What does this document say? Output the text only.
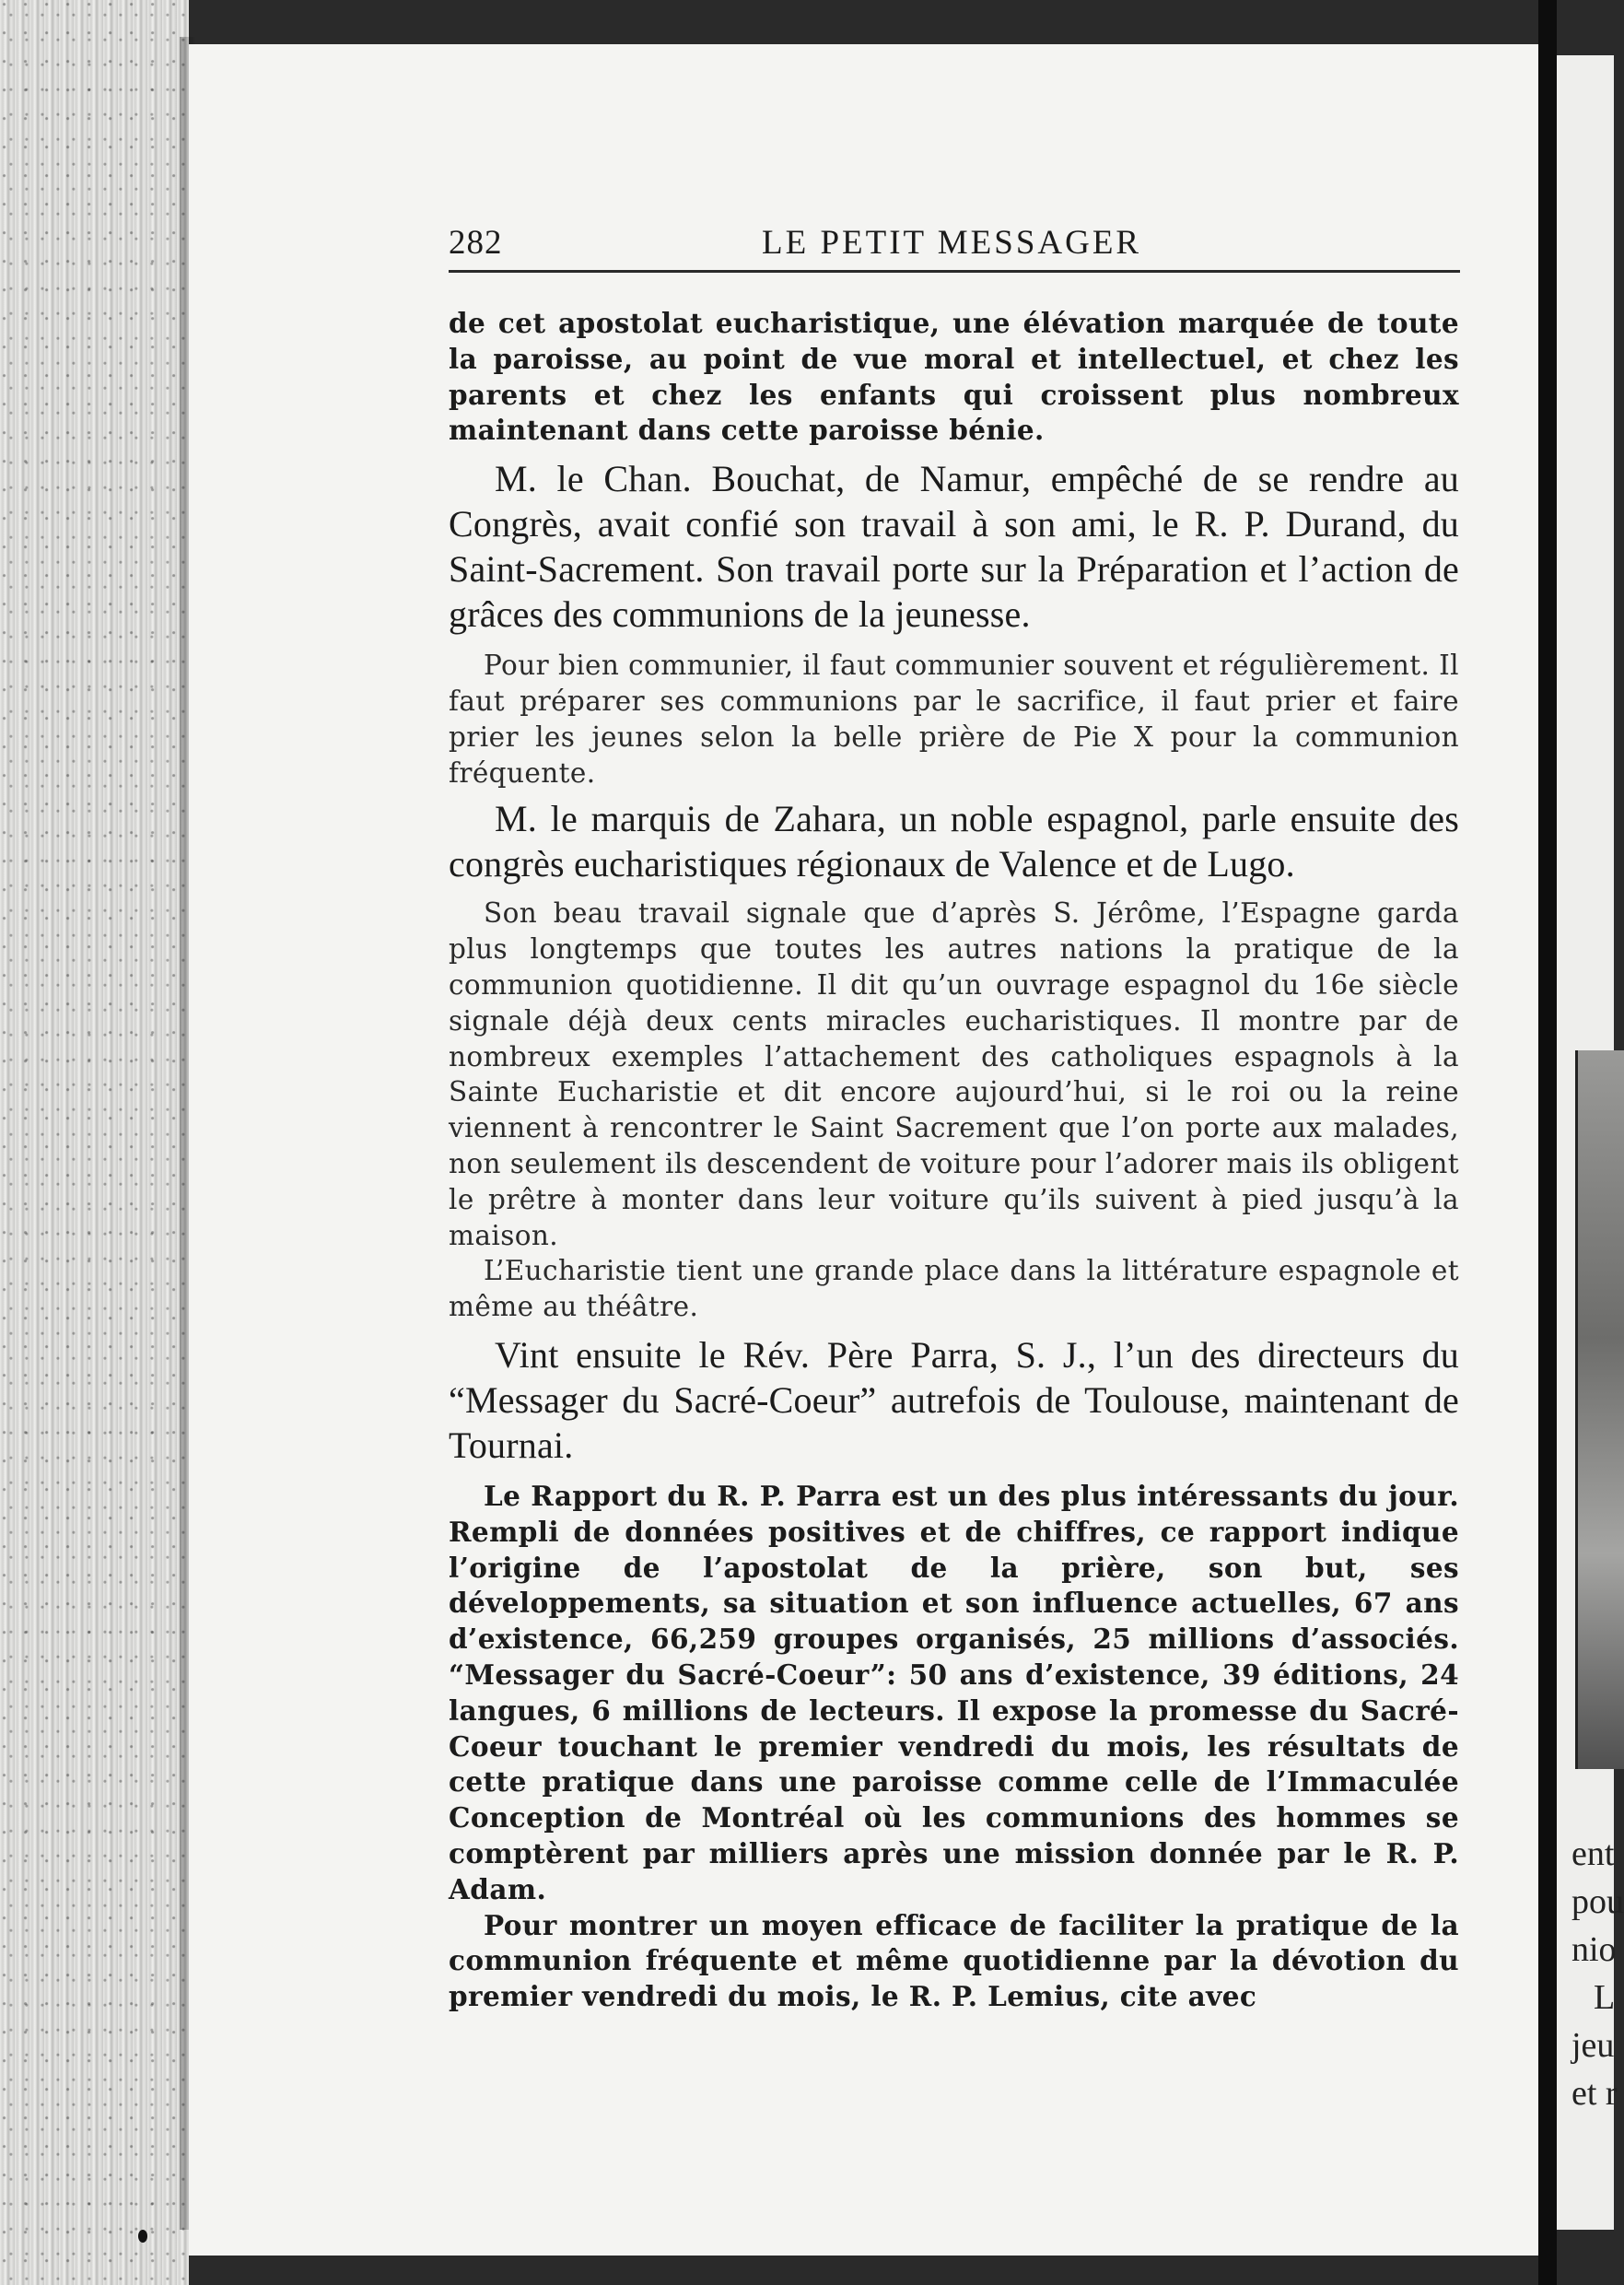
282	LE PETIT MESSAGER

de cet apostolat eucharistique, une élévation marquée de toute la paroisse, au point de vue moral et intellectuel, et chez les parents et chez les enfants qui croissent plus nombreux maintenant dans cette paroisse bénie.

M. le Chan. Bouchat, de Namur, empêché de se rendre au Congrès, avait confié son travail à son ami, le R. P. Durand, du Saint-Sacrement. Son travail porte sur la Préparation et l’action de grâces des communions de la jeunesse.

Pour bien communier, il faut communier souvent et régulièrement. Il faut préparer ses communions par le sacrifice, il faut prier et faire prier les jeunes selon la belle prière de Pie X pour la communion fréquente.

M. le marquis de Zahara, un noble espagnol, parle ensuite des congrès eucharistiques régionaux de Valence et de Lugo.

Son beau travail signale que d’après S. Jérôme, l’Espagne garda plus longtemps que toutes les autres nations la pratique de la communion quotidienne. Il dit qu’un ouvrage espagnol du 16e siècle signale déjà deux cents miracles eucharistiques. Il montre par de nombreux exemples l’attachement des catholiques espagnols à la Sainte Eucharistie et dit encore aujourd’hui, si le roi ou la reine viennent à rencontrer le Saint Sacrement que l’on porte aux malades, non seulement ils descendent de voiture pour l’adorer mais ils obligent le prêtre à monter dans leur voiture qu’ils suivent à pied jusqu’à la maison.

L’Eucharistie tient une grande place dans la littérature espagnole et même au théâtre.

Vint ensuite le Rév. Père Parra, S. J., l’un des directeurs du “Messager du Sacré-Coeur” autrefois de Toulouse, maintenant de Tournai.

Le Rapport du R. P. Parra est un des plus intéressants du jour. Rempli de données positives et de chiffres, ce rapport indique l’origine de l’apostolat de la prière, son but, ses développements, sa situation et son influence actuelles, 67 ans d’existence, 66,259 groupes organisés, 25 millions d’associés. “Messager du Sacré-Coeur”: 50 ans d’existence, 39 éditions, 24 langues, 6 millions de lecteurs. Il expose la promesse du Sacré-Coeur touchant le premier vendredi du mois, les résultats de cette pratique dans une paroisse comme celle de l’Immaculée Conception de Montréal où les communions des hommes se comptèrent par milliers après une mission donnée par le R. P. Adam.

Pour montrer un moyen efficace de faciliter la pratique de la communion fréquente et même quotidienne par la dévotion du premier vendredi du mois, le R. P. Lemius, cite avec

ent
pou
nio
L
jeu
et r
